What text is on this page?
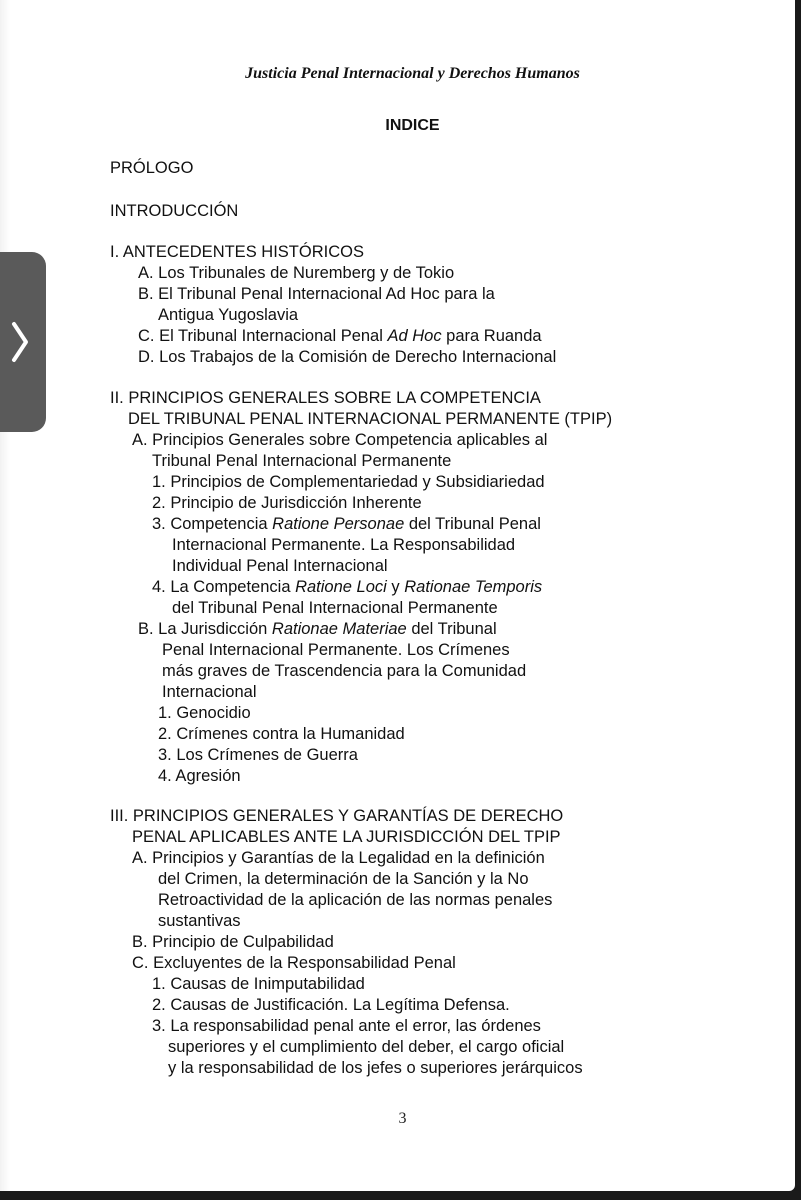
Justicia Penal Internacional y Derechos Humanos
INDICE
PRÓLOGO
INTRODUCCIÓN
I. ANTECEDENTES HISTÓRICOS
A. Los Tribunales de Nuremberg y de Tokio
B. El Tribunal Penal Internacional Ad Hoc para la
Antigua Yugoslavia
C. El Tribunal Internacional Penal Ad Hoc para Ruanda
D. Los Trabajos de la Comisión de Derecho Internacional
II. PRINCIPIOS GENERALES SOBRE LA COMPETENCIA
DEL TRIBUNAL PENAL INTERNACIONAL PERMANENTE (TPIP)
A. Principios Generales sobre Competencia aplicables al
Tribunal Penal Internacional Permanente
1. Principios de Complementariedad y Subsidiariedad
2. Principio de Jurisdicción Inherente
3. Competencia Ratione Personae del Tribunal Penal
Internacional Permanente. La Responsabilidad
Individual Penal Internacional
4. La Competencia Ratione Loci y Rationae Temporis
del Tribunal Penal Internacional Permanente
B. La Jurisdicción Rationae Materiae del Tribunal
Penal Internacional Permanente. Los Crímenes
más graves de Trascendencia para la Comunidad
Internacional
1. Genocidio
2. Crímenes contra la Humanidad
3. Los Crímenes de Guerra
4. Agresión
III. PRINCIPIOS GENERALES Y GARANTÍAS DE DERECHO
PENAL APLICABLES ANTE LA JURISDICCIÓN DEL TPIP
A. Principios y Garantías de la Legalidad en la definición
del Crimen, la determinación de la Sanción y la No
Retroactividad de la aplicación de las normas penales
sustantivas
B. Principio de Culpabilidad
C. Excluyentes de la Responsabilidad Penal
1. Causas de Inimputabilidad
2. Causas de Justificación. La Legítima Defensa.
3. La responsabilidad penal ante el error, las órdenes
superiores y el cumplimiento del deber, el cargo oficial
y la responsabilidad de los jefes o superiores jerárquicos
3
